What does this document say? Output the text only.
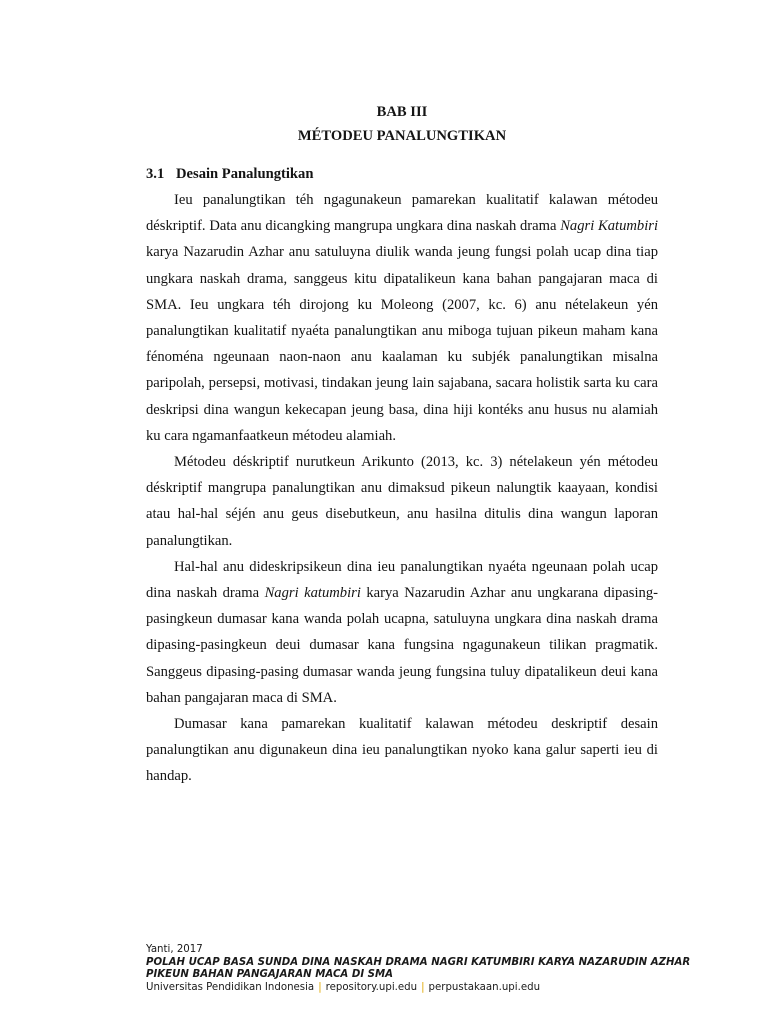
BAB III
MÉTODEU PANALUNGTIKAN
3.1 Desain Panalungtikan

Ieu panalungtikan téh ngagunakeun pamarekan kualitatif kalawan métodeu déskriptif. Data anu dicangking mangrupa ungkara dina naskah drama Nagri Katumbiri karya Nazarudin Azhar anu satuluyna diulik wanda jeung fungsi polah ucap dina tiap ungkara naskah drama, sanggeus kitu dipatalikeun kana bahan pangajaran maca di SMA. Ieu ungkara téh dirojong ku Moleong (2007, kc. 6) anu nételakeun yén panalungtikan kualitatif nyaéta panalungtikan anu miboga tujuan pikeun maham kana fénoména ngeunaan naon-naon anu kaalaman ku subjék panalungtikan misalna paripolah, persepsi, motivasi, tindakan jeung lain sajabana, sacara holistik sarta ku cara deskripsi dina wangun kekecapan jeung basa, dina hiji kontéks anu husus nu alamiah ku cara ngamanfaatkeun métodeu alamiah.

Métodeu déskriptif nurutkeun Arikunto (2013, kc. 3) nételakeun yén métodeu déskriptif mangrupa panalungtikan anu dimaksud pikeun nalungtik kaayaan, kondisi atau hal-hal séjén anu geus disebutkeun, anu hasilna ditulis dina wangun laporan panalungtikan.

Hal-hal anu dideskripsikeun dina ieu panalungtikan nyaéta ngeunaan polah ucap dina naskah drama Nagri katumbiri karya Nazarudin Azhar anu ungkarana dipasing-pasingkeun dumasar kana wanda polah ucapna, satuluyna ungkara dina naskah drama dipasing-pasingkeun deui dumasar kana fungsina ngagunakeun tilikan pragmatik. Sanggeus dipasing-pasing dumasar wanda jeung fungsina tuluy dipatalikeun deui kana bahan pangajaran maca di SMA.

Dumasar kana pamarekan kualitatif kalawan métodeu deskriptif desain panalungtikan anu digunakeun dina ieu panalungtikan nyoko kana galur saperti ieu di handap.

Yanti, 2017

POLAH UCAP BASA SUNDA DINA NASKAH DRAMA NAGRI KATUMBIRI KARYA NAZARUDIN AZHAR
PIKEUN BAHAN PANGAJARAN MACA DI SMA
Universitas Pendidikan Indonesia | repository.upi.edu | perpustakaan.upi.edu
